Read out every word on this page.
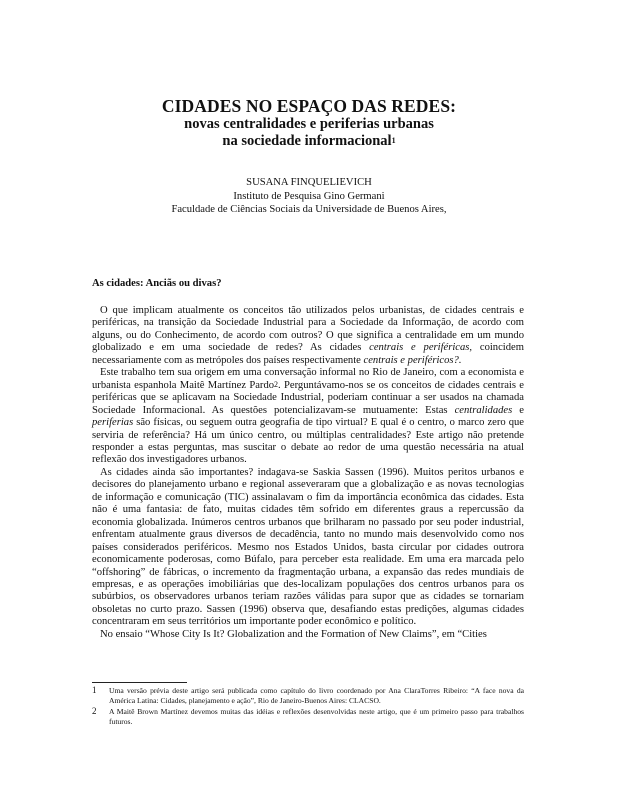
CIDADES NO ESPAÇO DAS REDES:

novas centralidades e periferias urbanas

na sociedade informacional$^1$

SUSANA FINQUELIEVICH
Instituto de Pesquisa Gino Germani
Faculdade de Ciências Sociais da Universidade de Buenos Aires,

As cidades: Anciãs ou divas?

O que implicam atualmente os conceitos tão utilizados pelos urbanistas, de cidades centrais e periféricas, na transição da Sociedade Industrial para a Sociedade da Informação, de acordo com alguns, ou do Conhecimento, de acordo com outros? O que significa a centralidade em um mundo globalizado e em uma sociedade de redes? As cidades centrais e periféricas, coincidem necessariamente com as metrópoles dos países respectivamente centrais e periféricos?.

Este trabalho tem sua origem em uma conversação informal no Rio de Janeiro, com a economista e urbanista espanhola Maitê Martínez Pardo$^2$. Perguntávamo-nos se os conceitos de cidades centrais e periféricas que se aplicavam na Sociedade Industrial, poderiam continuar a ser usados na chamada Sociedade Informacional. As questões potencializavam-se mutuamente: Estas centralidades e periferias são físicas, ou seguem outra geografia de tipo virtual? E qual é o centro, o marco zero que serviria de referência? Há um único centro, ou múltiplas centralidades? Este artigo não pretende responder a estas perguntas, mas suscitar o debate ao redor de uma questão necessária na atual reflexão dos investigadores urbanos.

As cidades ainda são importantes? indagava-se Saskia Sassen (1996). Muitos peritos urbanos e decisores do planejamento urbano e regional asseveraram que a globalização e as novas tecnologias de informação e comunicação (TIC) assinalavam o fim da importância econômica das cidades. Esta não é uma fantasia: de fato, muitas cidades têm sofrido em diferentes graus a repercussão da economia globalizada. Inúmeros centros urbanos que brilharam no passado por seu poder industrial, enfrentam atualmente graus diversos de decadência, tanto no mundo mais desenvolvido como nos países considerados periféricos. Mesmo nos Estados Unidos, basta circular por cidades outrora economicamente poderosas, como Búfalo, para perceber esta realidade. Em uma era marcada pelo “offshoring” de fábricas, o incremento da fragmentação urbana, a expansão das redes mundiais de empresas, e as operações imobiliárias que des-localizam populações dos centros urbanos para os subúrbios, os observadores urbanos teriam razões válidas para supor que as cidades se tornariam obsoletas no curto prazo. Sassen (1996) observa que, desafiando estas predições, algumas cidades concentraram em seus territórios um importante poder econômico e político.

No ensaio “Whose City Is It? Globalization and the Formation of New Claims”, em “Cities

1	Uma versão prévia deste artigo será publicada como capítulo do livro coordenado por Ana ClaraTorres Ribeiro: “A face nova da América Latina: Cidades, planejamento e ação”, Rio de Janeiro-Buenos Aires: CLACSO.
2	A Maitê Brown Martínez devemos muitas das idéias e reflexões desenvolvidas neste artigo, que é um primeiro passo para trabalhos futuros.
